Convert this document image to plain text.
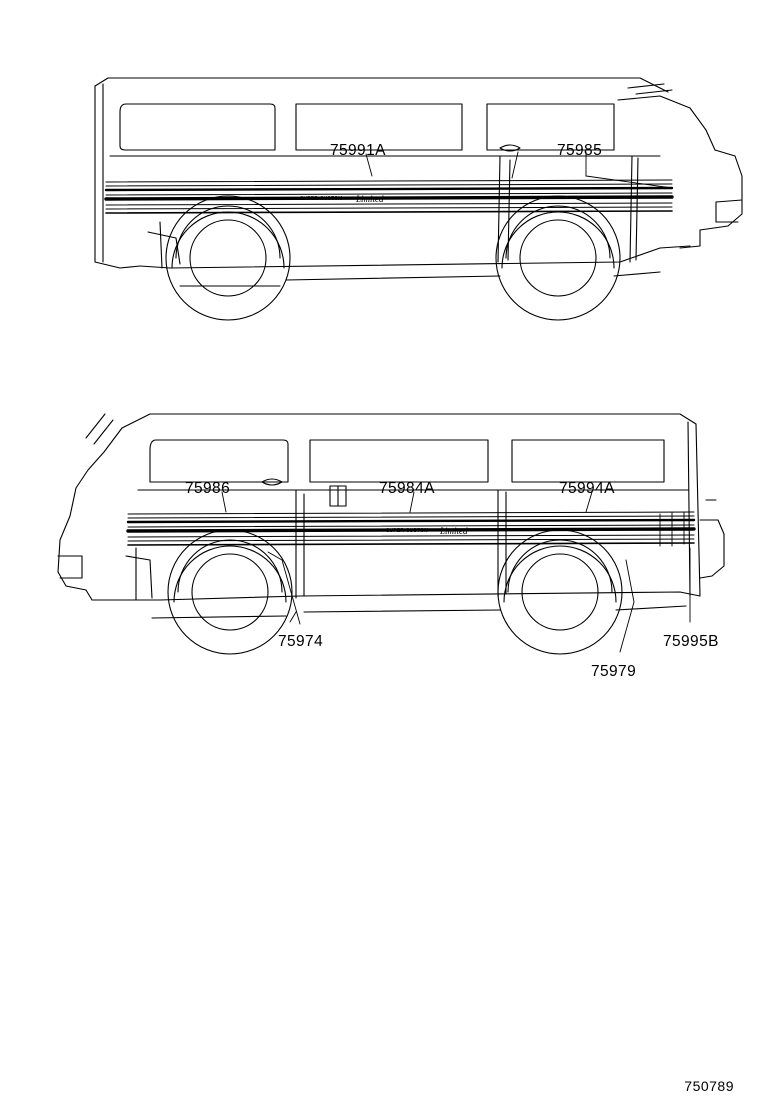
SUPER CUSTOM Limited
SUPER CUSTOM Limited
75991A	75985
75986	75984A	75994A
75974
75979
75995B
750789
